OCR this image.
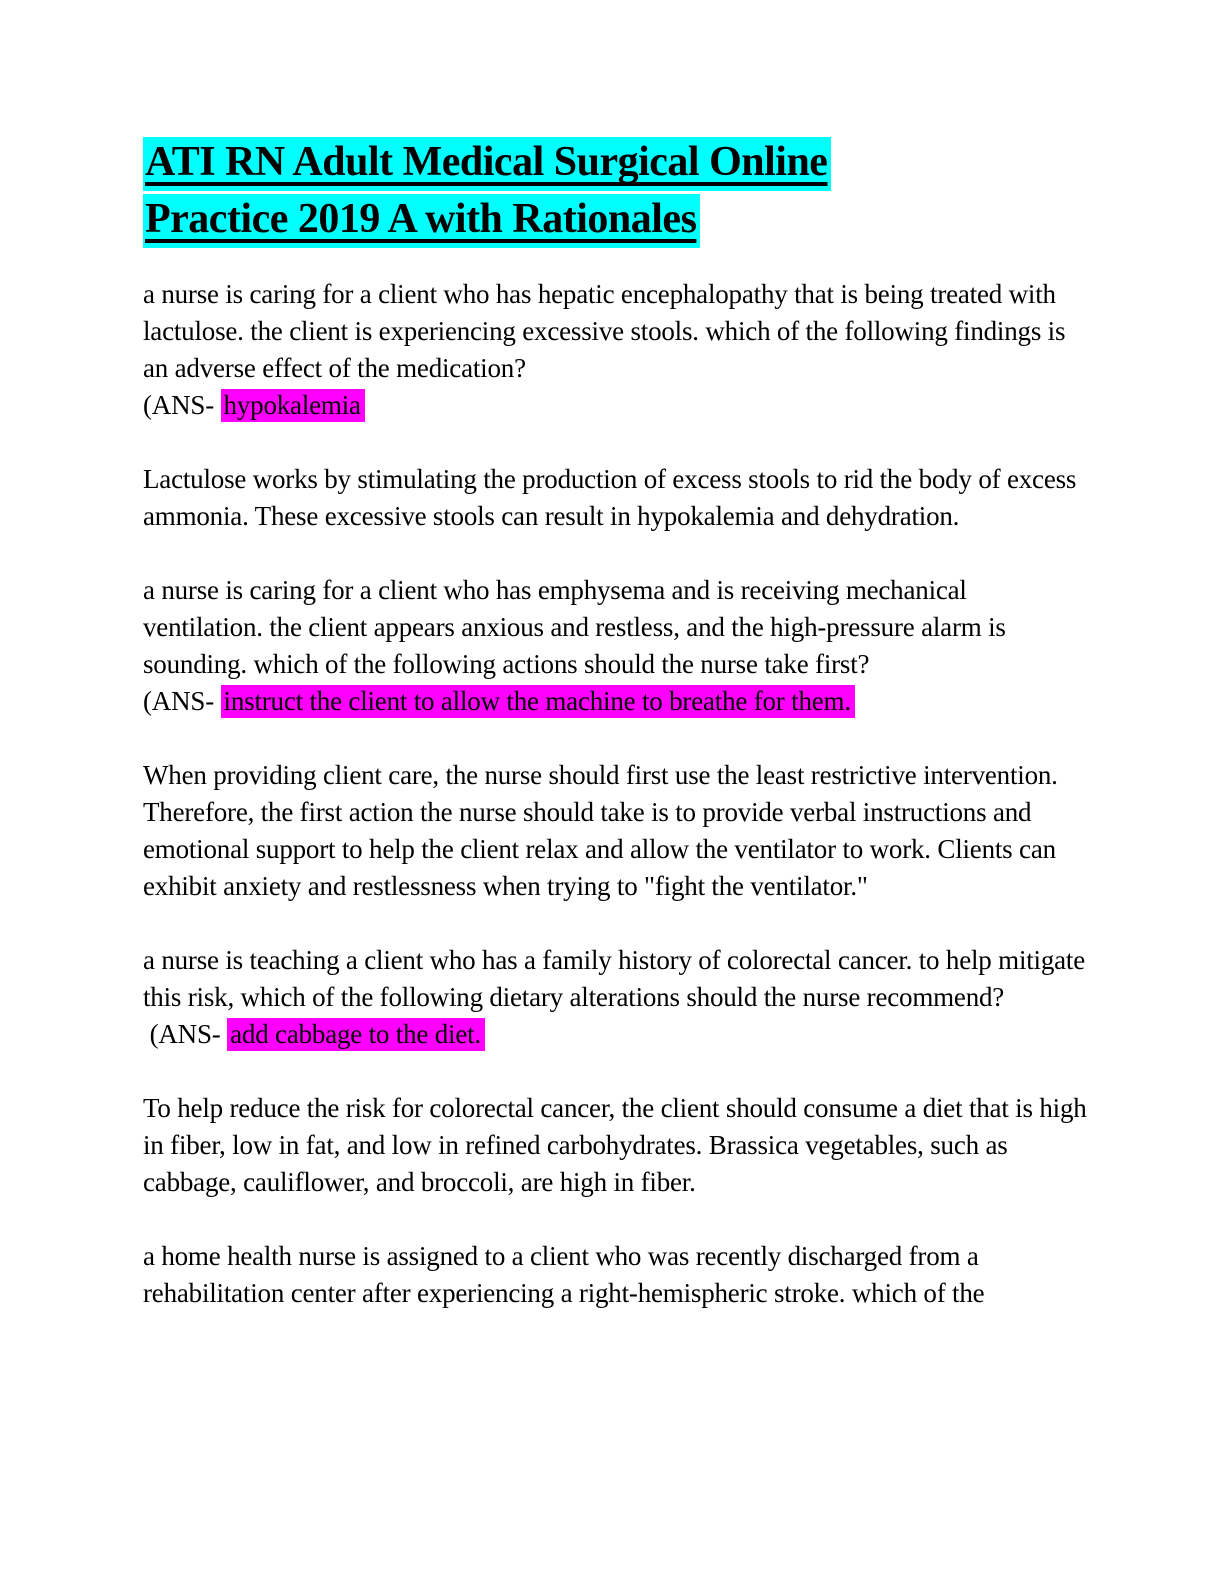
ATI RN Adult Medical Surgical Online
Practice 2019 A with Rationales

a nurse is caring for a client who has hepatic encephalopathy that is being treated with lactulose. the client is experiencing excessive stools. which of the following findings is an adverse effect of the medication?
(ANS- hypokalemia

Lactulose works by stimulating the production of excess stools to rid the body of excess ammonia. These excessive stools can result in hypokalemia and dehydration.

a nurse is caring for a client who has emphysema and is receiving mechanical ventilation. the client appears anxious and restless, and the high-pressure alarm is sounding. which of the following actions should the nurse take first?
(ANS- instruct the client to allow the machine to breathe for them.

When providing client care, the nurse should first use the least restrictive intervention. Therefore, the first action the nurse should take is to provide verbal instructions and emotional support to help the client relax and allow the ventilator to work. Clients can exhibit anxiety and restlessness when trying to "fight the ventilator."

a nurse is teaching a client who has a family history of colorectal cancer. to help mitigate this risk, which of the following dietary alterations should the nurse recommend?
(ANS- add cabbage to the diet.

To help reduce the risk for colorectal cancer, the client should consume a diet that is high in fiber, low in fat, and low in refined carbohydrates. Brassica vegetables, such as cabbage, cauliflower, and broccoli, are high in fiber.

a home health nurse is assigned to a client who was recently discharged from a rehabilitation center after experiencing a right-hemispheric stroke. which of the
